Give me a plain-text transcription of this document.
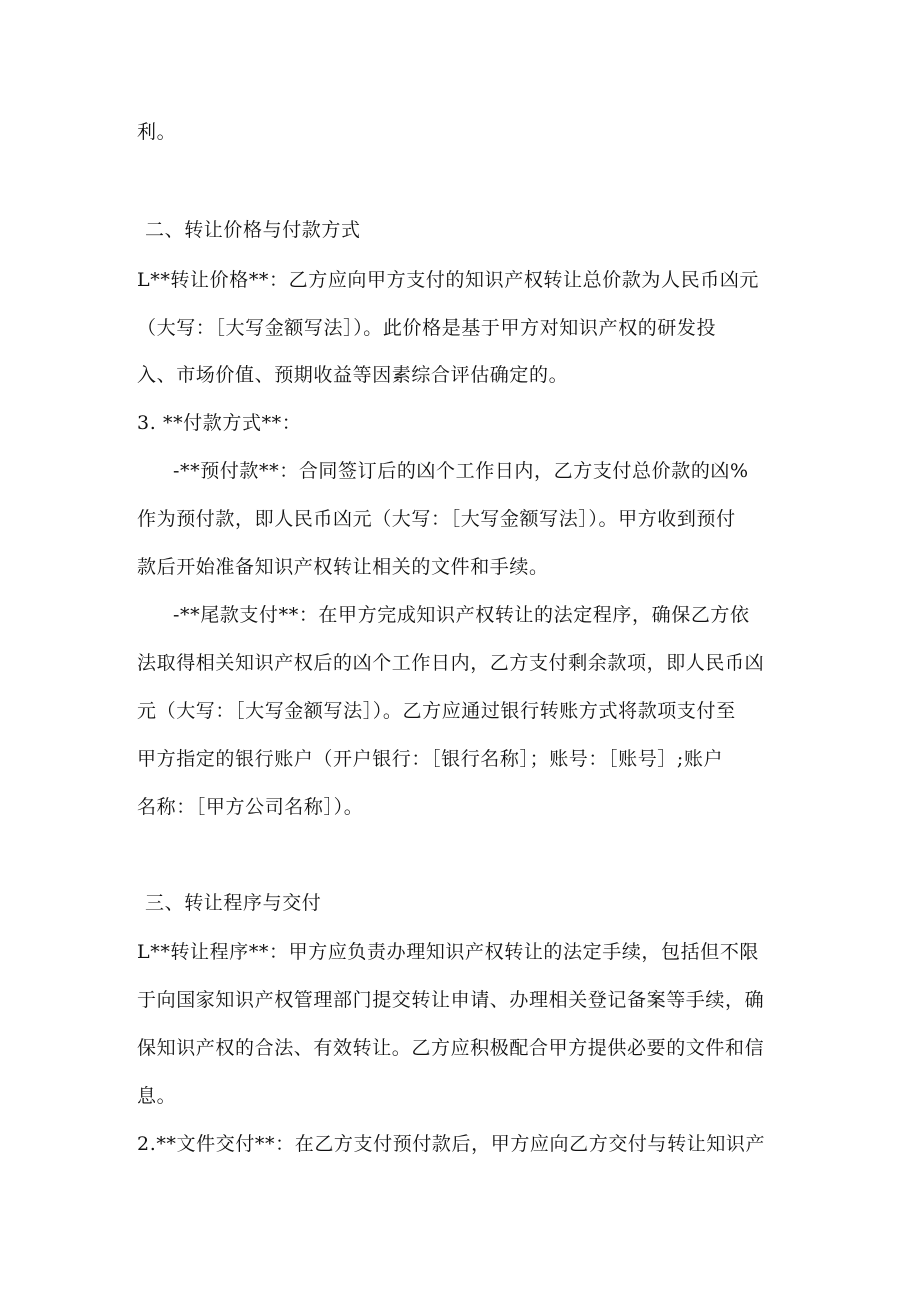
利。
二、转让价格与付款方式
L**转让价格**：乙方应向甲方支付的知识产权转让总价款为人民币凶元
（大写：［大写金额写法］）。此价格是基于甲方对知识产权的研发投
入、市场价值、预期收益等因素综合评估确定的。
3. **付款方式**：
-**预付款**：合同签订后的凶个工作日内，乙方支付总价款的凶%
作为预付款，即人民币凶元（大写：［大写金额写法］）。甲方收到预付
款后开始准备知识产权转让相关的文件和手续。
-**尾款支付**：在甲方完成知识产权转让的法定程序，确保乙方依
法取得相关知识产权后的凶个工作日内，乙方支付剩余款项，即人民币凶
元（大写：［大写金额写法］）。乙方应通过银行转账方式将款项支付至
甲方指定的银行账户（开户银行：［银行名称］；账号：［账号］;账户
名称：［甲方公司名称］）。
三、转让程序与交付
L**转让程序**：甲方应负责办理知识产权转让的法定手续，包括但不限
于向国家知识产权管理部门提交转让申请、办理相关登记备案等手续，确
保知识产权的合法、有效转让。乙方应积极配合甲方提供必要的文件和信
息。
2.**文件交付**：在乙方支付预付款后，甲方应向乙方交付与转让知识产
